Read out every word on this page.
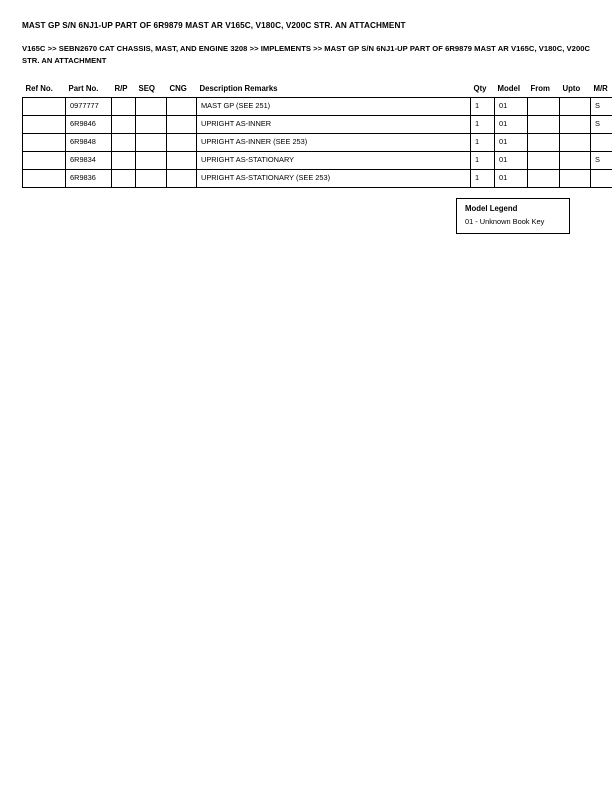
MAST GP S/N 6NJ1-UP PART OF 6R9879 MAST AR V165C, V180C, V200C STR. AN ATTACHMENT
V165C >> SEBN2670 CAT CHASSIS, MAST, AND ENGINE 3208 >> IMPLEMENTS >> MAST GP S/N 6NJ1-UP PART OF 6R9879 MAST AR V165C, V180C, V200C STR. AN ATTACHMENT
Ref No.	Part No.	R/P	SEQ	CNG	Description Remarks	Qty	Model	From	Upto	M/R
	0977777				MAST GP (SEE 251)	1	01			S
	6R9846				UPRIGHT AS-INNER	1	01			S
	6R9848				UPRIGHT AS-INNER (SEE 253)	1	01			
	6R9834				UPRIGHT AS-STATIONARY	1	01			S
	6R9836				UPRIGHT AS-STATIONARY (SEE 253)	1	01			
Model Legend
01 - Unknown Book Key
